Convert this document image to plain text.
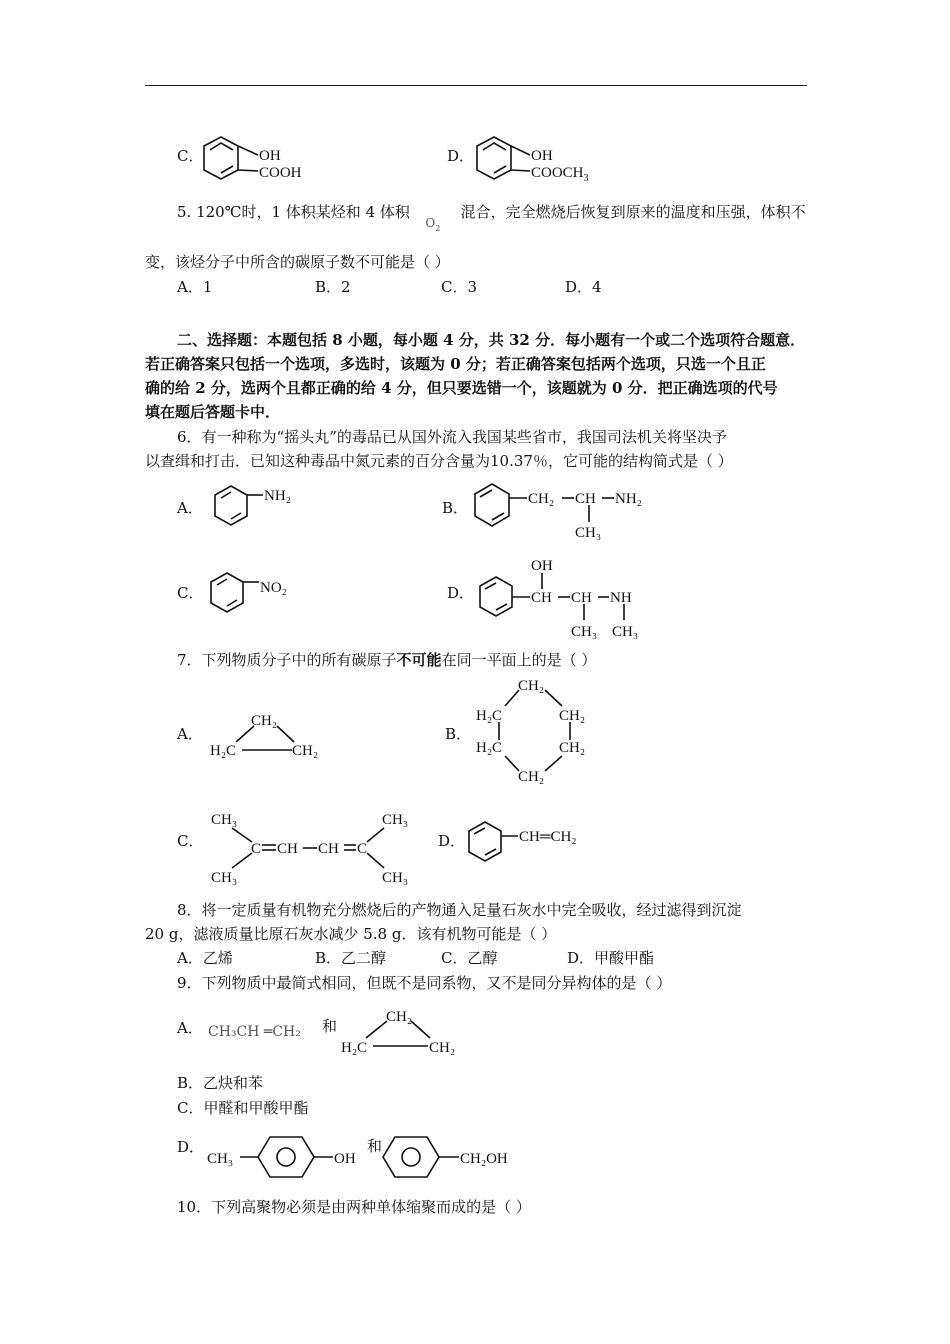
C．	OH
COOH
D．	OH
$COOCH_3$
5. 120℃时，1 体积某烃和 4 体积$_{O2}$ 混合，完全燃烧后恢复到原来的温度和压强，体积不
变，该烃分子中所含的碳原子数不可能是（ ）
A．1	B．2	C．3	D．4
二、选择题：本题包括 8 小题，每小题 4 分，共 32 分．每小题有一个或二个选项符合题意．
若正确答案只包括一个选项，多选时，该题为 0 分；若正确答案包括两个选项，只选一个且正
确的给 2 分，选两个且都正确的给 4 分，但只要选错一个，该题就为 0 分．把正确选项的代号
填在题后答题卡中．
6．有一种称为“摇头丸”的毒品已从国外流入我国某些省市，我国司法机关将坚决予
以查缉和打击．已知这种毒品中氮元素的百分含量为10.37％，它可能的结构简式是（ ）
A．
NH₂
B．	CH₂ CH NH₂
CH₃
C．	NO₂	D．
OH
CH CH NH
CH₃ CH₃
7．下列物质分子中的所有碳原子不可能在同一平面上的是（ ）
A．
CH₂
H₂C	CH₂
B．
CH₂
H₂C	CH₂
H₂C	CH₂
CH₂
C．
CH₃
CH₃
C CH CH C
CH₃
CH₃
D．	CH═CH₂
8．将一定质量有机物充分燃烧后的产物通入足量石灰水中完全吸收，经过滤得到沉淀
20 g，滤液质量比原石灰水减少 5.8 g．该有机物可能是（ ）
A．乙烯	B．乙二醇	C．乙醇	D．甲酸甲酯
9．下列物质中最简式相同，但既不是同系物，又不是同分异构体的是（ ）
A． CH₃CH ═CH₂ 和	CH₂
H₂C	CH₂
B．乙炔和苯
C．甲醛和甲酸甲酯
D．
CH₃	OH	CH₂OH
和
10．下列高聚物必须是由两种单体缩聚而成的是（ ）
